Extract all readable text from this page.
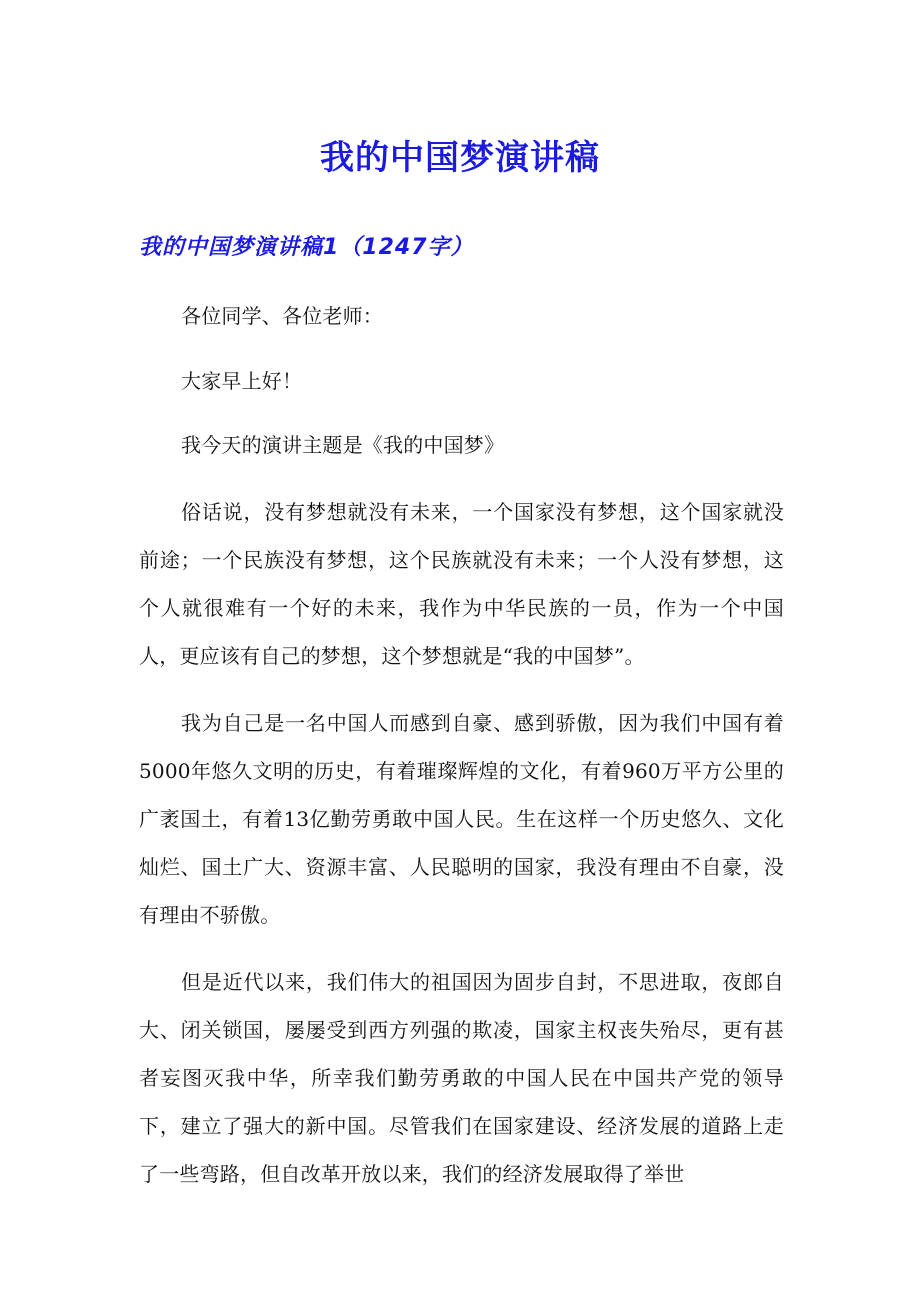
我的中国梦演讲稿
我的中国梦演讲稿1（1247字）

各位同学、各位老师：

大家早上好！

我今天的演讲主题是《我的中国梦》

俗话说，没有梦想就没有未来，一个国家没有梦想，这个国家就没前途；一个民族没有梦想，这个民族就没有未来；一个人没有梦想，这个人就很难有一个好的未来，我作为中华民族的一员，作为一个中国人，更应该有自己的梦想，这个梦想就是“我的中国梦”。

我为自己是一名中国人而感到自豪、感到骄傲，因为我们中国有着5000年悠久文明的历史，有着璀璨辉煌的文化，有着960万平方公里的广袤国土，有着13亿勤劳勇敢中国人民。生在这样一个历史悠久、文化灿烂、国土广大、资源丰富、人民聪明的国家，我没有理由不自豪，没有理由不骄傲。

但是近代以来，我们伟大的祖国因为固步自封，不思进取，夜郎自大、闭关锁国，屡屡受到西方列强的欺凌，国家主权丧失殆尽，更有甚者妄图灭我中华，所幸我们勤劳勇敢的中国人民在中国共产党的领导下，建立了强大的新中国。尽管我们在国家建设、经济发展的道路上走了一些弯路，但自改革开放以来，我们的经济发展取得了举世
